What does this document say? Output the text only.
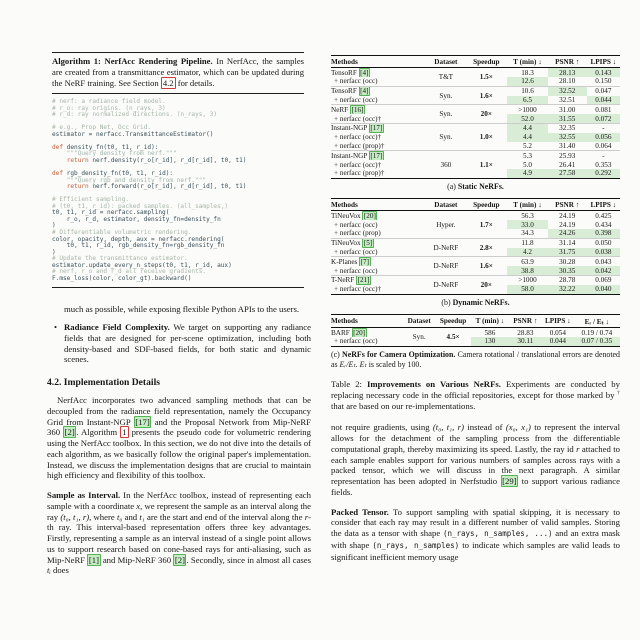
Algorithm 1: NerfAcc Rendering Pipeline. In NerfAcc, the samples are created from a transmittance estimator, which can be updated during the NeRF training. See Section 4.2 for details.
# nerf: a radiance field model.
# r_o: ray origins. (n_rays, 3)
# r_d: ray normalized directions. (n_rays, 3)

# e.g., Prop Net, Occ Grid.
estimator = nerfacc.TransmittanceEstimator()

def density_fn(t0, t1, r_id):
"""Query density from nerf."""
return nerf.density(r_o[r_id], r_d[r_id], t0, t1)

def rgb_density_fn(t0, t1, r_id):
"""Query rgb and density from nerf."""
return nerf.forward(r_o[r_id], r_d[r_id], t0, t1)

# Efficient sampling.
# (t0, t1, r_id): packed samples. (all_samples,)
t0, t1, r_id = nerfacc.sampling(
r_o, r_d, estimator, density_fn=density_fn
)
# Differentiable volumetric rendering.
color, opacity, depth, aux = nerfacc.rendering(
t0, t1, r_id, rgb_density_fn=rgb_density_fn
)
# Update the transmittance estimator.
estimator.update_every_n_steps(t0, t1, r_id, aux)
# nerf, r_o and r_d all receive gradients.
F.mse_loss(color, color_gt).backward()
much as possible, while exposing flexible Python APIs to the users.
• Radiance Field Complexity. We target on supporting any radiance fields that are designed for per-scene optimization, including both density-based and SDF-based fields, for both static and dynamic scenes.
4.2. Implementation Details
NerfAcc incorporates two advanced sampling methods that can be decoupled from the radiance field representation, namely the Occupancy Grid from Instant-NGP [17] and the Proposal Network from Mip-NeRF 360 [2] . Algorithm 1 presents the pseudo code for volumetric rendering using the NerfAcc toolbox. In this section, we do not dive into the details of each algorithm, as we basically follow the original paper's implementation. Instead, we discuss the implementation designs that are crucial to maintain high efficiency and flexibility of this toolbox.
Sample as Interval. In the NerfAcc toolbox, instead of representing each sample with a coordinate x, we represent the sample as an interval along the ray (t₀, t₁, r), where t₀ and t₁ are the start and end of the interval along the r-th ray. This interval-based representation offers three key advantages. Firstly, representing a sample as an interval instead of a single point allows us to support research based on cone-based rays for anti-aliasing, such as Mip-NeRF [1] and Mip-NeRF 360 [2] . Secondly, since in almost all cases tᵢ does
Methods	Dataset	Speedup	T (min) ↓	PSNR ↑	LPIPS ↓
TensoRF [4]	T&T	1.5×	18.3	28.13	0.143
+ nerfacc (occ)			12.6	28.10	0.150
TensoRF [4]	Syn.	1.6×	10.6	32.52	0.047
+ nerfacc (occ)			6.5	32.51	0.044
NeRF [16]	Syn.	20×	>1000	31.00	0.081
+ nerfacc (occ)†			52.0	31.55	0.072
Instant-NGP [17]	Syn.	1.0×	4.4	32.35	-
+ nerfacc (occ)†			4.4	32.55	0.056
+ nerfacc (prop)†			5.2	31.40	0.064
Instant-NGP [17]	360	1.1×	5.3	25.93	-
+ nerfacc (occ)†			5.0	26.41	0.353
+ nerfacc (prop)†			4.9	27.58	0.292
(a) Static NeRFs.
Methods	Dataset	Speedup	T (min) ↓	PSNR ↑	LPIPS ↓
TiNeuVox [20]	Hyper.	1.7×	56.3	24.19	0.425
+ nerfacc (occ)			33.0	24.19	0.434
+ nerfacc (prop)			34.3	24.26	0.398
TiNeuVox [5]	D-NeRF	2.8×	11.8	31.14	0.050
+ nerfacc (occ)			4.2	31.75	0.038
K-Planes [7]	D-NeRF	1.6×	63.9	30.28	0.043
+ nerfacc (occ)			38.8	30.35	0.042
T-NeRF [21]	D-NeRF	20×	>1000	28.78	0.069
+ nerfacc (occ)†			58.0	32.22	0.040
(b) Dynamic NeRFs.
Methods	Dataset	Speedup	T (min) ↓	PSNR ↑	LPIPS ↓	Eᵣ / Eₜ ↓
BARF [20]	Syn.	4.5×	586	28.83	0.054	0.19 / 0.74
+ nerfacc (occ)			130	30.11	0.044	0.07 / 0.35
(c) NeRFs for Camera Optimization. Camera rotational / translational errors are denoted as Eᵣ/Eₜ. Eₜ is scaled by 100.
Table 2: Improvements on Various NeRFs. Experiments are conducted by replacing necessary code in the official repositories, except for those marked by † that are based on our re-implementations.
not require gradients, using (t₀, t₁, r) instead of (x₀, x₁) to represent the interval allows for the detachment of the sampling process from the differentiable computational graph, thereby maximizing its speed. Lastly, the ray id r attached to each sample enables support for various numbers of samples across rays with a packed tensor, which we will discuss in the next paragraph. A similar representation has been adopted in Nerfstudio [29] to support various radiance fields.
Packed Tensor. To support sampling with spatial skipping, it is necessary to consider that each ray may result in a different number of valid samples. Storing the data as a tensor with shape (n_rays, n_samples, ...) and an extra mask with shape (n_rays, n_samples) to indicate which samples are valid leads to significant inefficient memory usage
